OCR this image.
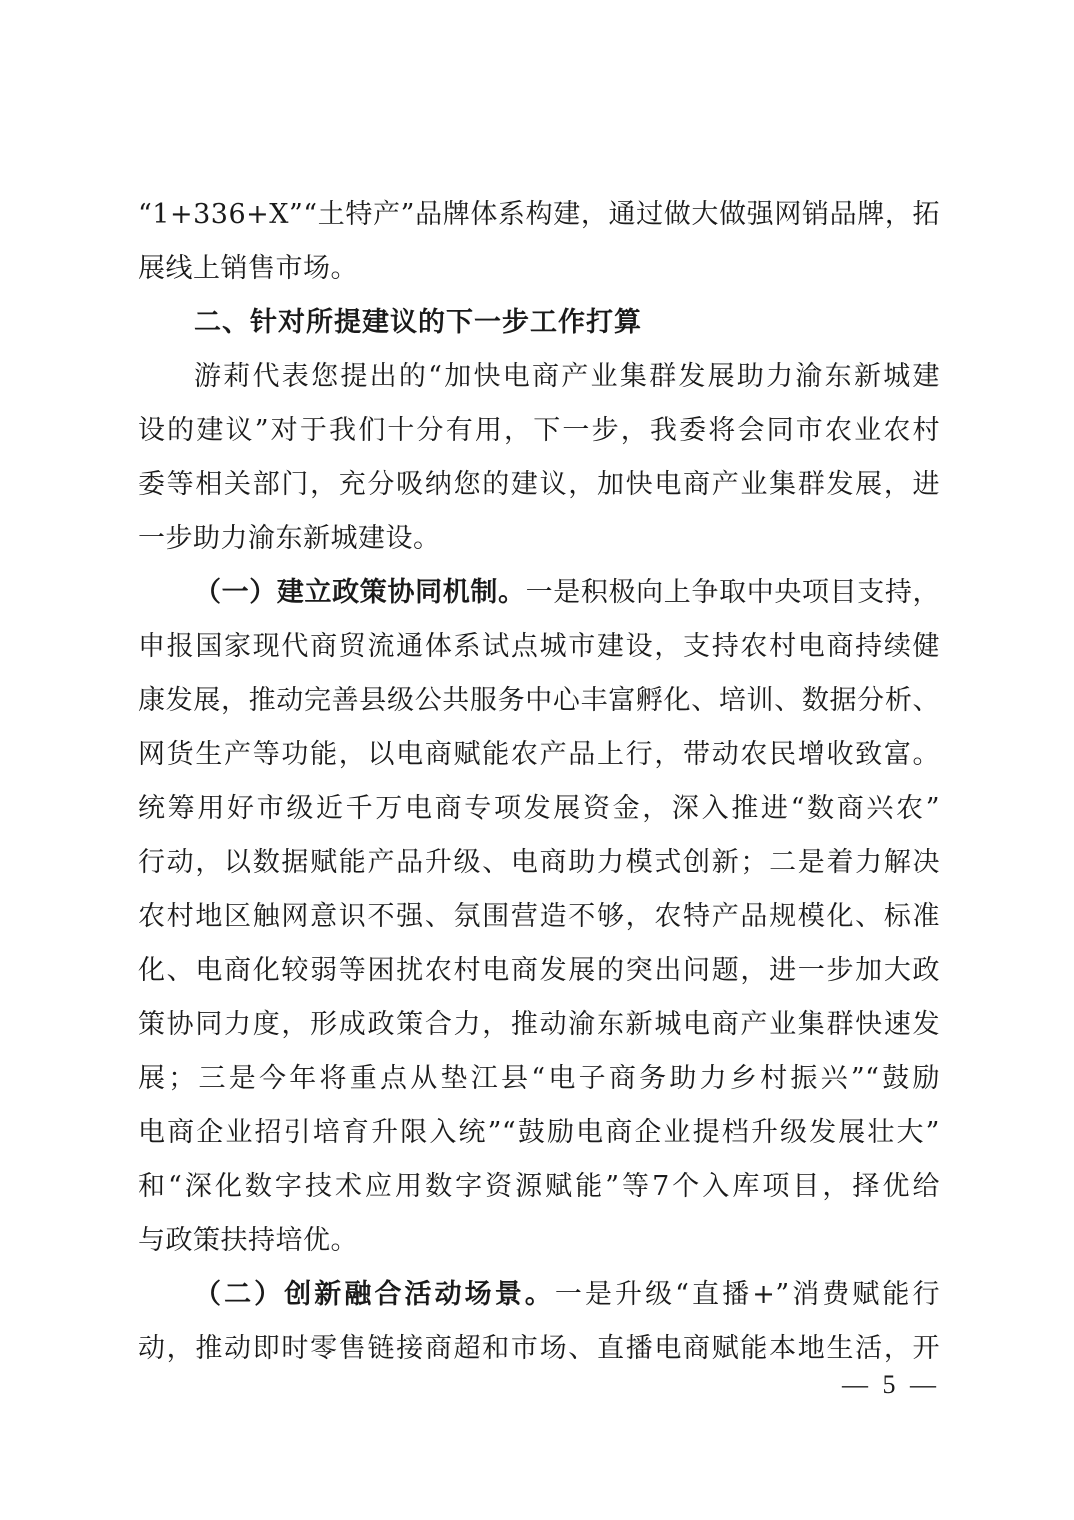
“1+336+X”“土特产”品牌体系构建，通过做大做强网销品牌，拓
展线上销售市场。
二、针对所提建议的下一步工作打算
游莉代表您提出的“加快电商产业集群发展助力渝东新城建
设的建议”对于我们十分有用，下一步，我委将会同市农业农村
委等相关部门，充分吸纳您的建议，加快电商产业集群发展，进
一步助力渝东新城建设。
（一）建立政策协同机制。一是积极向上争取中央项目支持，
申报国家现代商贸流通体系试点城市建设，支持农村电商持续健
康发展，推动完善县级公共服务中心丰富孵化、培训、数据分析、
网货生产等功能，以电商赋能农产品上行，带动农民增收致富。
统筹用好市级近千万电商专项发展资金，深入推进“数商兴农”
行动，以数据赋能产品升级、电商助力模式创新；二是着力解决
农村地区触网意识不强、氛围营造不够，农特产品规模化、标准
化、电商化较弱等困扰农村电商发展的突出问题，进一步加大政
策协同力度，形成政策合力，推动渝东新城电商产业集群快速发
展；三是今年将重点从垫江县“电子商务助力乡村振兴”“鼓励
电商企业招引培育升限入统”“鼓励电商企业提档升级发展壮大”
和“深化数字技术应用数字资源赋能”等7个入库项目，择优给
与政策扶持培优。
（二）创新融合活动场景。一是升级“直播+”消费赋能行
动，推动即时零售链接商超和市场、直播电商赋能本地生活，开
— 5 —
